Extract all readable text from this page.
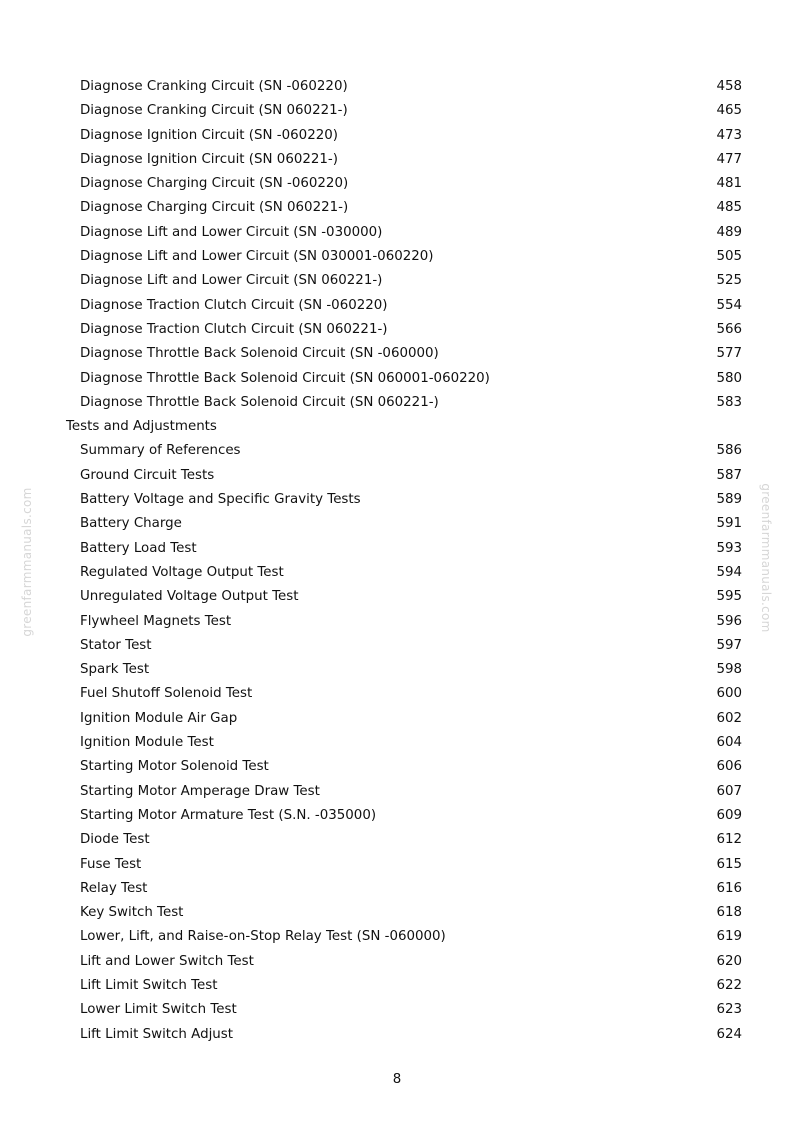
greenfarmmanuals.com	greenfarmmanuals.com
Diagnose Cranking Circuit (SN -060220)	458
Diagnose Cranking Circuit (SN 060221-)	465
Diagnose Ignition Circuit (SN -060220)	473
Diagnose Ignition Circuit (SN 060221-)	477
Diagnose Charging Circuit (SN -060220)	481
Diagnose Charging Circuit (SN 060221-)	485
Diagnose Lift and Lower Circuit (SN -030000)	489
Diagnose Lift and Lower Circuit (SN 030001-060220)	505
Diagnose Lift and Lower Circuit (SN 060221-)	525
Diagnose Traction Clutch Circuit (SN -060220)	554
Diagnose Traction Clutch Circuit (SN 060221-)	566
Diagnose Throttle Back Solenoid Circuit (SN -060000)	577
Diagnose Throttle Back Solenoid Circuit (SN 060001-060220)	580
Diagnose Throttle Back Solenoid Circuit (SN 060221-)	583
Tests and Adjustments
Summary of References	586
Ground Circuit Tests	587
Battery Voltage and Specific Gravity Tests	589
Battery Charge	591
Battery Load Test	593
Regulated Voltage Output Test	594
Unregulated Voltage Output Test	595
Flywheel Magnets Test	596
Stator Test	597
Spark Test	598
Fuel Shutoff Solenoid Test	600
Ignition Module Air Gap	602
Ignition Module Test	604
Starting Motor Solenoid Test	606
Starting Motor Amperage Draw Test	607
Starting Motor Armature Test (S.N. -035000)	609
Diode Test	612
Fuse Test	615
Relay Test	616
Key Switch Test	618
Lower, Lift, and Raise-on-Stop Relay Test (SN -060000)	619
Lift and Lower Switch Test	620
Lift Limit Switch Test	622
Lower Limit Switch Test	623
Lift Limit Switch Adjust	624
8
